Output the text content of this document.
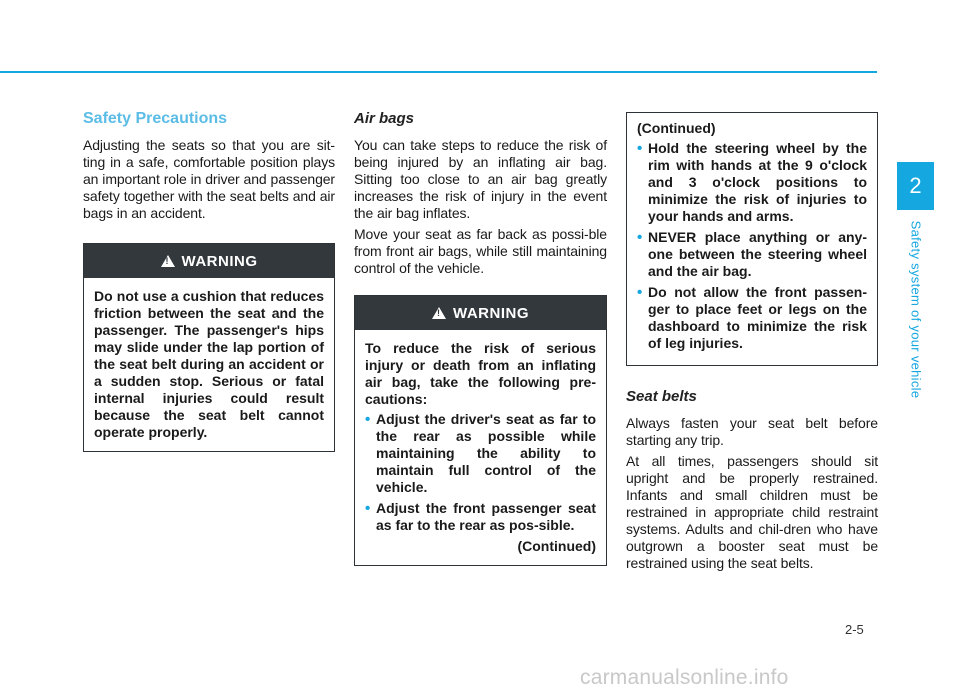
Safety Precautions

Adjusting the seats so that you are sit-ting in a safe, comfortable position plays an important role in driver and passenger safety together with the seat belts and air bags in an accident.

!
WARNING
Do not use a cushion that reduces friction between the seat and the passenger. The passenger's hips may slide under the lap portion of the seat belt during an accident or a sudden stop. Serious or fatal internal injuries could result because the seat belt cannot operate properly.
Air bags

You can take steps to reduce the risk of being injured by an inflating air bag. Sitting too close to an air bag greatly increases the risk of injury in the event the air bag inflates.

Move your seat as far back as possi-ble from front air bags, while still maintaining control of the vehicle.

!
WARNING
To reduce the risk of serious injury or death from an inflating air bag, take the following pre-cautions:
• Adjust the driver's seat as far to the rear as possible while maintaining the ability to maintain full control of the vehicle.
• Adjust the front passenger seat as far to the rear as pos-sible.
(Continued)
(Continued)
• Hold the steering wheel by the rim with hands at the 9 o'clock and 3 o'clock positions to minimize the risk of injuries to your hands and arms.
• NEVER place anything or any-one between the steering wheel and the air bag.
• Do not allow the front passen-ger to place feet or legs on the dashboard to minimize the risk of leg injuries.
Seat belts

Always fasten your seat belt before starting any trip.

At all times, passengers should sit upright and be properly restrained. Infants and small children must be restrained in appropriate child restraint systems. Adults and chil-dren who have outgrown a booster seat must be restrained using the seat belts.

2
Safety system of your vehicle
2-5
carmanualsonline.info
